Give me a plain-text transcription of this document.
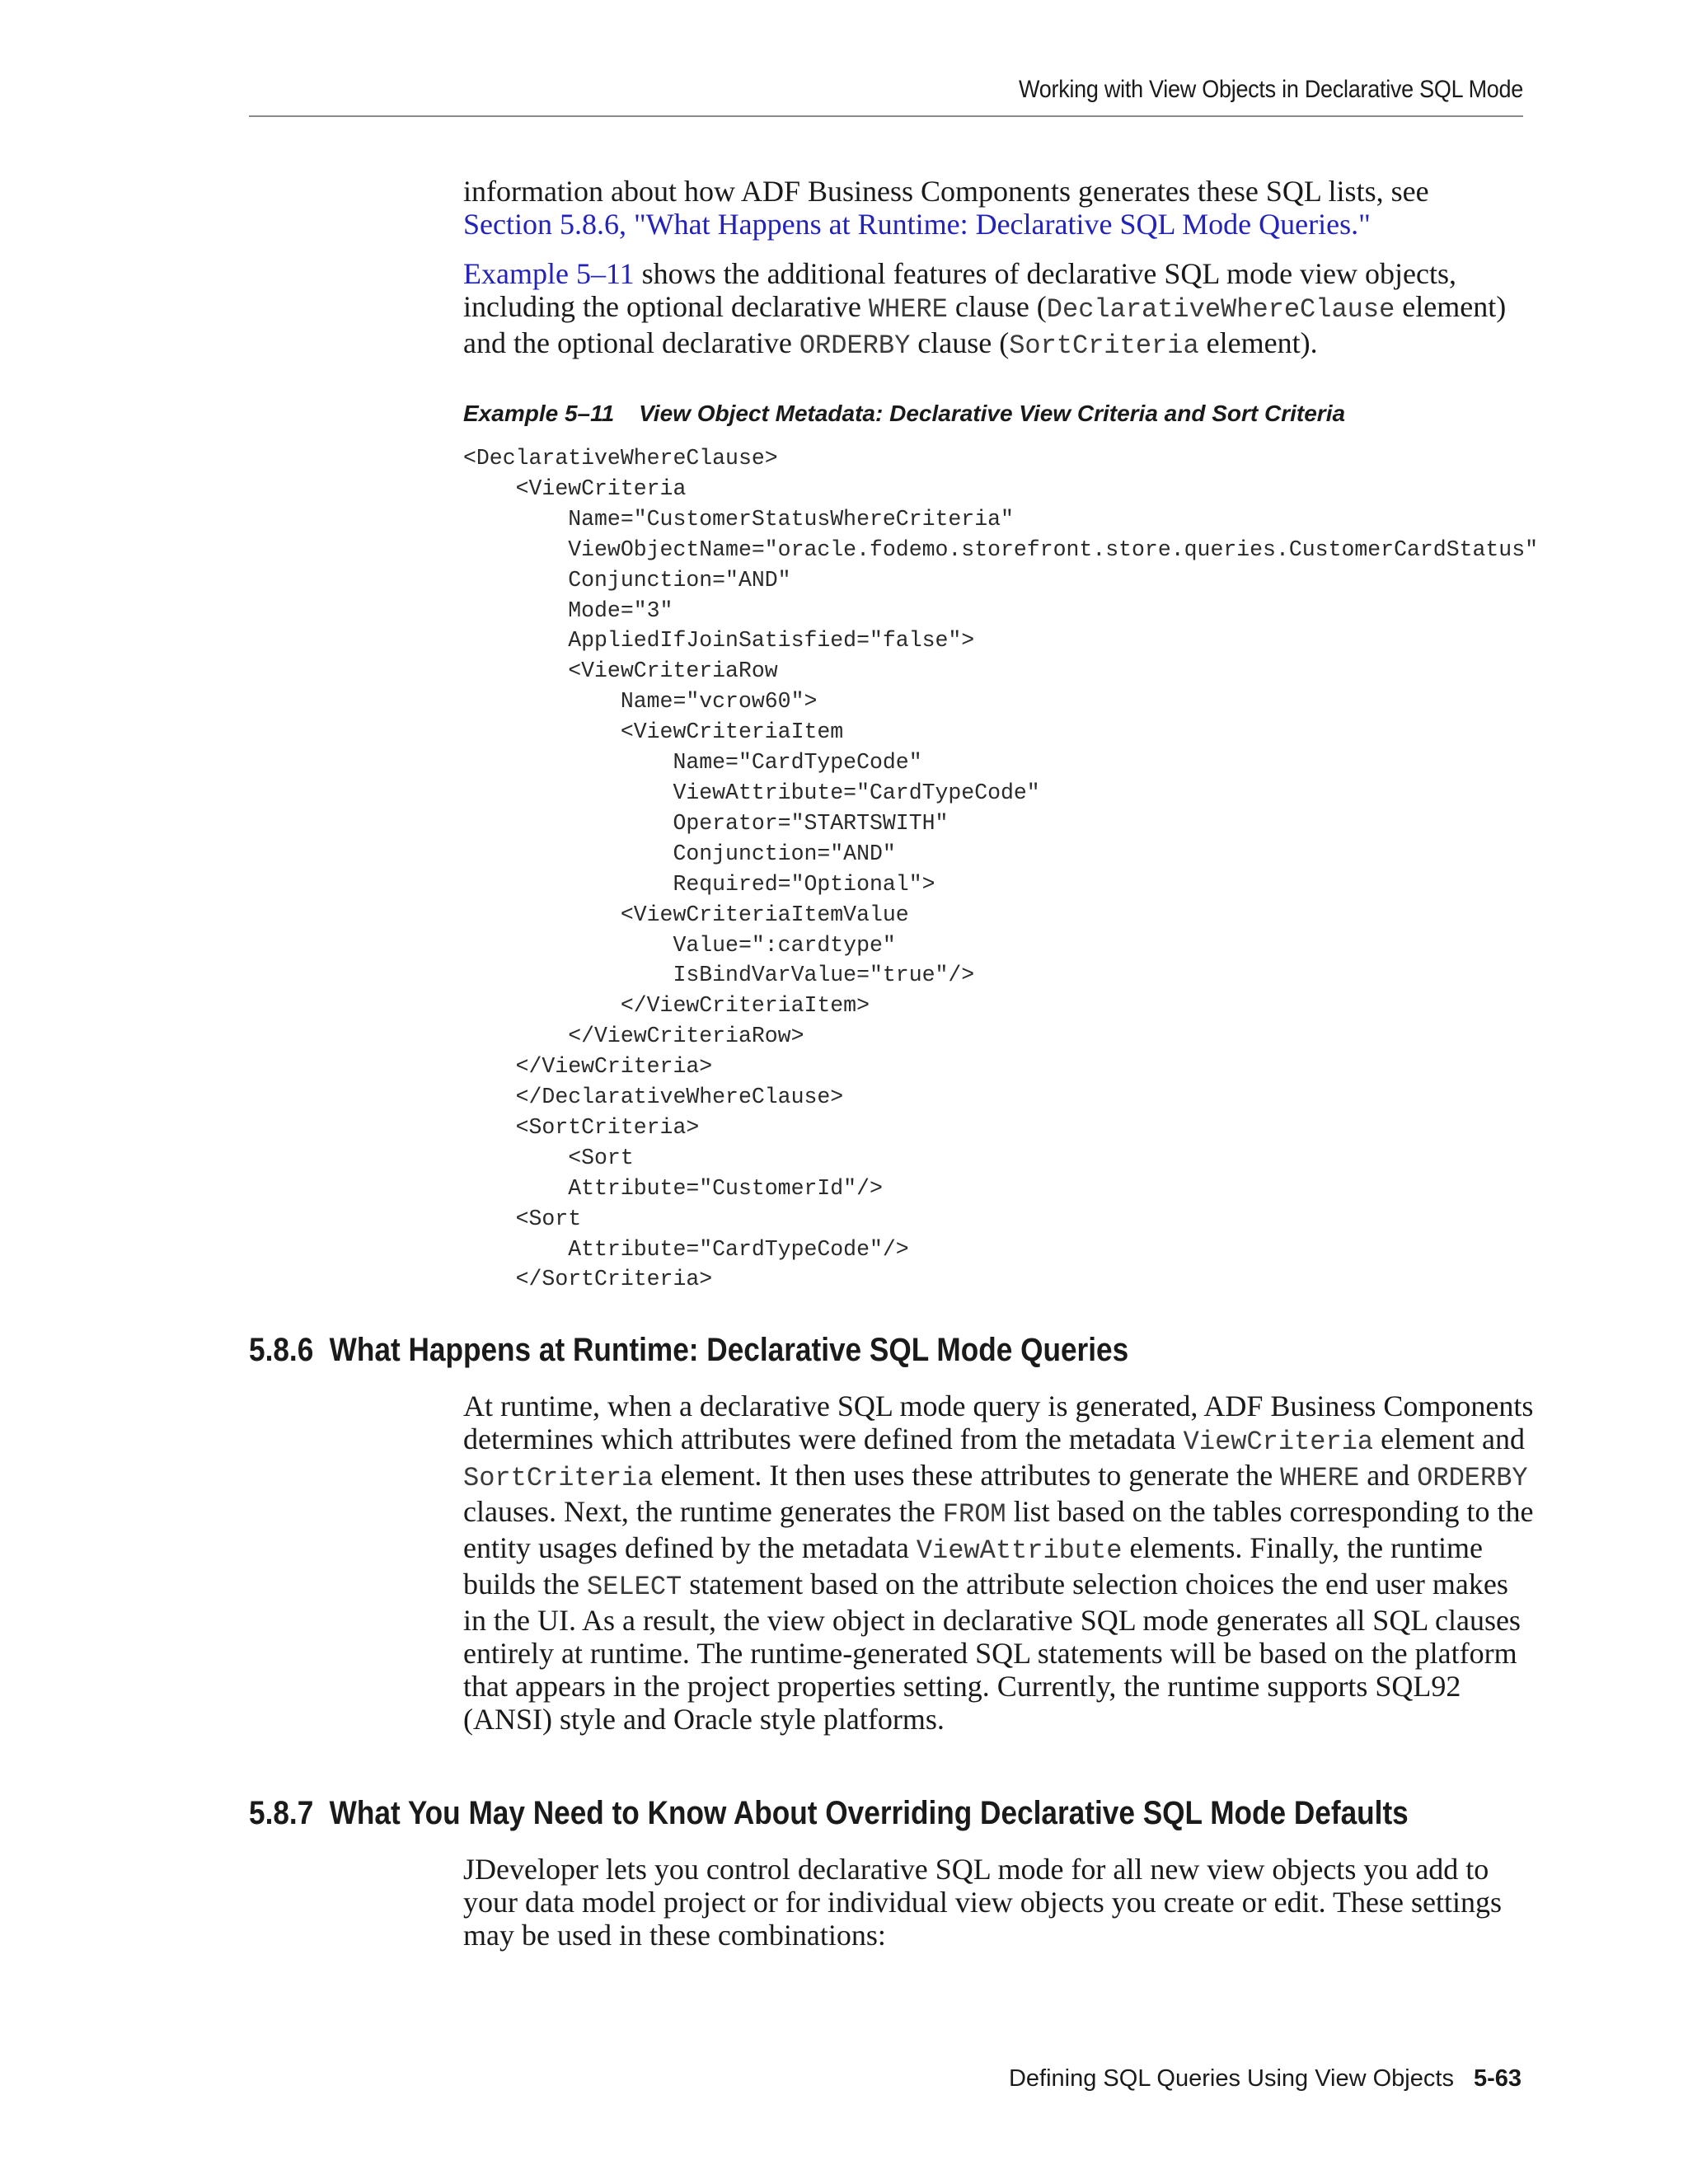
Working with View Objects in Declarative SQL Mode

information about how ADF Business Components generates these SQL lists, see
Section 5.8.6, "What Happens at Runtime: Declarative SQL Mode Queries."

Example 5–11 shows the additional features of declarative SQL mode view objects, including the optional declarative WHERE clause (DeclarativeWhereClause element) and the optional declarative ORDERBY clause (SortCriteria element).

Example 5–11 View Object Metadata: Declarative View Criteria and Sort Criteria
<DeclarativeWhereClause>
<ViewCriteria
Name="CustomerStatusWhereCriteria"
ViewObjectName="oracle.fodemo.storefront.store.queries.CustomerCardStatus"
Conjunction="AND"
Mode="3"
AppliedIfJoinSatisfied="false">
<ViewCriteriaRow
Name="vcrow60">
<ViewCriteriaItem
Name="CardTypeCode"
ViewAttribute="CardTypeCode"
Operator="STARTSWITH"
Conjunction="AND"
Required="Optional">
<ViewCriteriaItemValue
Value=":cardtype"
IsBindVarValue="true"/>
</ViewCriteriaItem>
</ViewCriteriaRow>
</ViewCriteria>
</DeclarativeWhereClause>
<SortCriteria>
<Sort
Attribute="CustomerId"/>
<Sort
Attribute="CardTypeCode"/>
</SortCriteria>
5.8.6 What Happens at Runtime: Declarative SQL Mode Queries

At runtime, when a declarative SQL mode query is generated, ADF Business Components determines which attributes were defined from the metadata ViewCriteria element and SortCriteria element. It then uses these attributes to generate the WHERE and ORDERBY clauses. Next, the runtime generates the FROM list based on the tables corresponding to the entity usages defined by the metadata ViewAttribute elements. Finally, the runtime builds the SELECT statement based on the attribute selection choices the end user makes in the UI. As a result, the view object in declarative SQL mode generates all SQL clauses entirely at runtime. The runtime-generated SQL statements will be based on the platform that appears in the project properties setting. Currently, the runtime supports SQL92 (ANSI) style and Oracle style platforms.

5.8.7 What You May Need to Know About Overriding Declarative SQL Mode Defaults

JDeveloper lets you control declarative SQL mode for all new view objects you add to your data model project or for individual view objects you create or edit. These settings may be used in these combinations:

Defining SQL Queries Using View Objects 5-63
